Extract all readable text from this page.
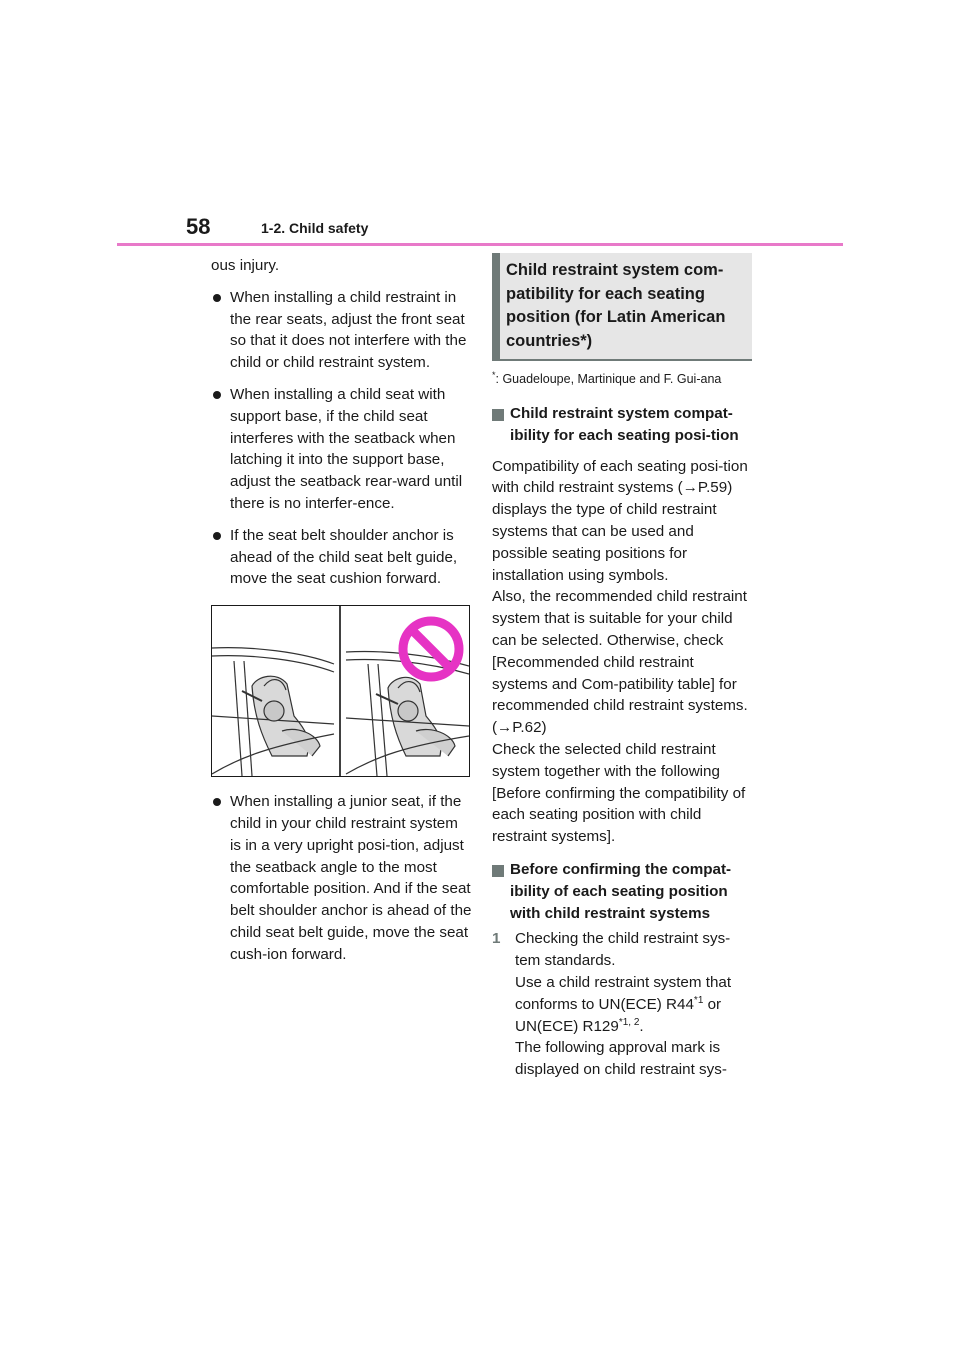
58	1-2. Child safety

ous injury.

When installing a child restraint in the rear seats, adjust the front seat so that it does not interfere with the child or child restraint system.
When installing a child seat with support base, if the child seat interferes with the seatback when latching it into the support base, adjust the seatback rear-ward until there is no interfer-ence.
If the seat belt shoulder anchor is ahead of the child seat belt guide, move the seat cushion forward.
When installing a junior seat, if the child in your child restraint system is in a very upright posi-tion, adjust the seatback angle to the most comfortable position. And if the seat belt shoulder anchor is ahead of the child seat belt guide, move the seat cush-ion forward.
Child restraint system com-patibility for each seating position (for Latin American countries*)

*: Guadeloupe, Martinique and F. Gui-ana

Child restraint system compat-ibility for each seating posi-tion

Compatibility of each seating posi-tion with child restraint systems (→P.59) displays the type of child restraint systems that can be used and possible seating positions for installation using symbols.

Also, the recommended child restraint system that is suitable for your child can be selected. Otherwise, check [Recommended child restraint systems and Com-patibility table] for recommended child restraint systems. (→P.62)

Check the selected child restraint system together with the following [Before confirming the compatibility of each seating position with child restraint systems].

Before confirming the compat-ibility of each seating position with child restraint systems
1 Checking the child restraint sys-tem standards.

Use a child restraint system that conforms to UN(ECE) R44$^{*1}$ or UN(ECE) R129$^{*1, 2}$.

The following approval mark is displayed on child restraint sys-
